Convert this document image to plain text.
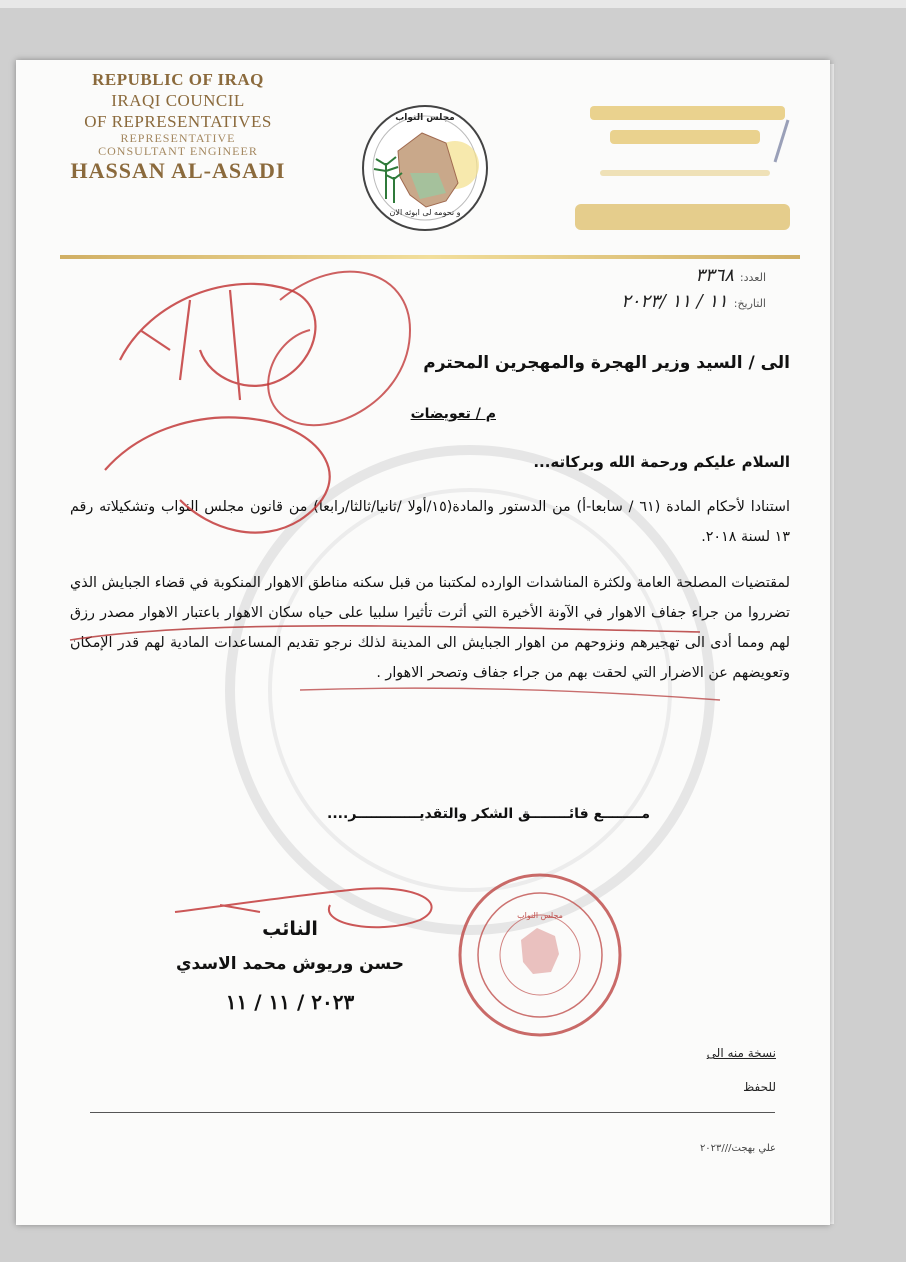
REPUBLIC OF IRAQ
IRAQI COUNCIL
OF REPRESENTATIVES
REPRESENTATIVE
CONSULTANT ENGINEER
HASSAN AL-ASADI
مجلس النواب
و نحومه لى ابوثه الان
العدد:
٣٣٦٨
التاريخ:
١١ / ١١ /٢٠٢٣
الى / السيد وزير الهجرة والمهجرين المحترم
م / تعويضات
السلام عليكم ورحمة الله وبركاته...
استنادا لأحكام المادة (٦١ / سابعا-أ) من الدستور والمادة(١٥/أولا /ثانيا/ثالثا/رابعا) من قانون مجلس النواب وتشكيلاته رقم ١٣ لسنة ٢٠١٨.
لمقتضيات المصلحة العامة ولكثرة المناشدات الوارده لمكتبنا من قبل سكنه مناطق الاهوار المنكوبة في قضاء الجبايش الذي تضرروا من جراء جفاف الاهوار في الآونة الأخيرة التي أثرت تأثيرا سلبيا على حياه سكان الاهوار باعتبار الاهوار مصدر رزق لهم ومما أدى الى تهجيرهم ونزوحهم من اهوار الجبايش الى المدينة لذلك نرجو تقديم المساعدات المادية لهم قدر الإمكان وتعويضهم عن الاضرار التي لحقت بهم من جراء جفاف وتصحر الاهوار .
مــــــــع فائــــــــق الشكر والتقديـــــــــــــر....
مجلس النواب
النائب
حسن وريوش محمد الاسدي
٢٠٢٣ / ١١ / ١١
نسخة منه الى
للحفظ
علي بهجت///٢٠٢٣
